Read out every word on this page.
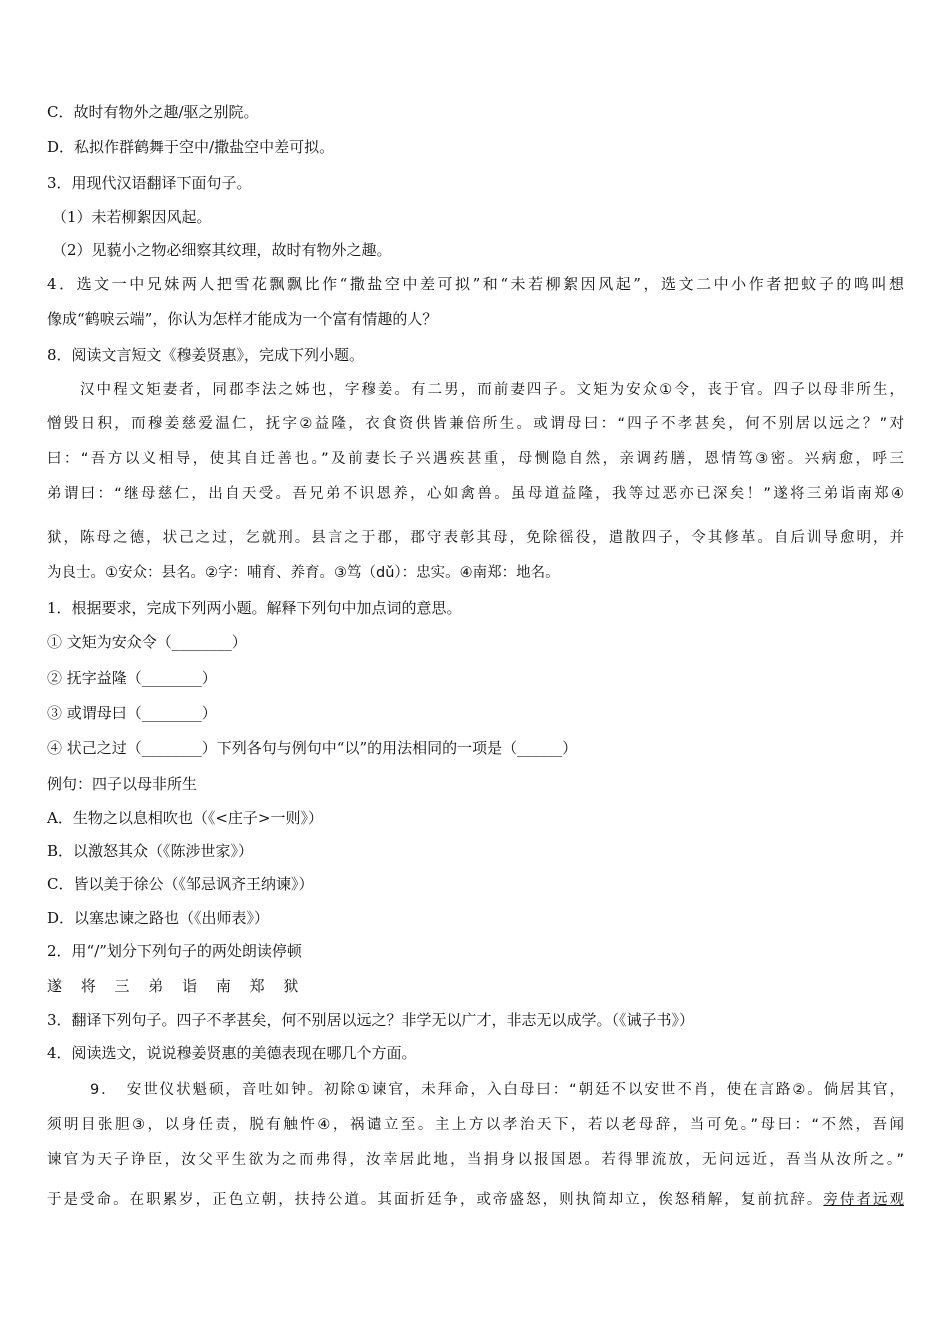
C．故时有物外之趣/驱之别院。
D．私拟作群鹤舞于空中/撒盐空中差可拟。
3．用现代汉语翻译下面句子。
（1）未若柳絮因风起。
（2）见藐小之物必细察其纹理，故时有物外之趣。
4．选文一中兄妹两人把雪花飘飘比作“撒盐空中差可拟”和“未若柳絮因风起”，选文二中小作者把蚊子的鸣叫想
像成“鹤唳云端”，你认为怎样才能成为一个富有情趣的人？
8．阅读文言短文《穆姜贤惠》，完成下列小题。
汉中程文矩妻者，同郡李法之姊也，字穆姜。有二男，而前妻四子。文矩为安众①令，丧于官。四子以母非所生，
憎毁日积，而穆姜慈爱温仁，抚字②益隆，衣食资供皆兼倍所生。或谓母曰：“四子不孝甚矣，何不别居以远之？”对
曰：“吾方以义相导，使其自迁善也。”及前妻长子兴遇疾甚重，母恻隐自然，亲调药膳，恩情笃③密。兴病愈，呼三
弟谓曰：“继母慈仁，出自天受。吾兄弟不识恩养，心如禽兽。虽母道益隆，我等过恶亦已深矣！”遂将三弟诣南郑④
狱，陈母之德，状己之过，乞就刑。县言之于郡，郡守表彰其母，免除徭役，遣散四子，令其修革。自后训导愈明，并
为良士。①安众：县名。②字：哺育、养育。③笃（dǔ）：忠实。④南郑：地名。
1．根据要求，完成下列两小题。解释下列句中加点词的意思。
① 文矩为安众令（________）
② 抚字益隆（________）
③ 或谓母曰（________）
④ 状己之过（________）下列各句与例句中“以”的用法相同的一项是（______）
例句：四子以母非所生
A．生物之以息相吹也（《<庄子>一则》）
B．以激怒其众（《陈涉世家》）
C．皆以美于徐公（《邹忌讽齐王纳谏》）
D．以塞忠谏之路也（《出师表》）
2．用“/”划分下列句子的两处朗读停顿
遂 将 三 弟 诣 南 郑 狱
3．翻译下列句子。四子不孝甚矣，何不别居以远之？非学无以广才，非志无以成学。（《诫子书》）
4．阅读选文，说说穆姜贤惠的美德表现在哪几个方面。
9．　安世仪状魁硕，音吐如钟。初除①谏官，未拜命，入白母曰：“朝廷不以安世不肖，使在言路②。倘居其官，
须明目张胆③，以身任责，脱有触忤④，祸谴立至。主上方以孝治天下，若以老母辞，当可免。”母曰：“不然，吾闻
谏官为天子诤臣，汝父平生欲为之而弗得，汝幸居此地，当捐身以报国恩。若得罪流放，无问远近，吾当从汝所之。”
于是受命。在职累岁，正色立朝，扶持公道。其面折廷争，或帝盛怒，则执简却立，俟怒稍解，复前抗辞。旁侍者远观
